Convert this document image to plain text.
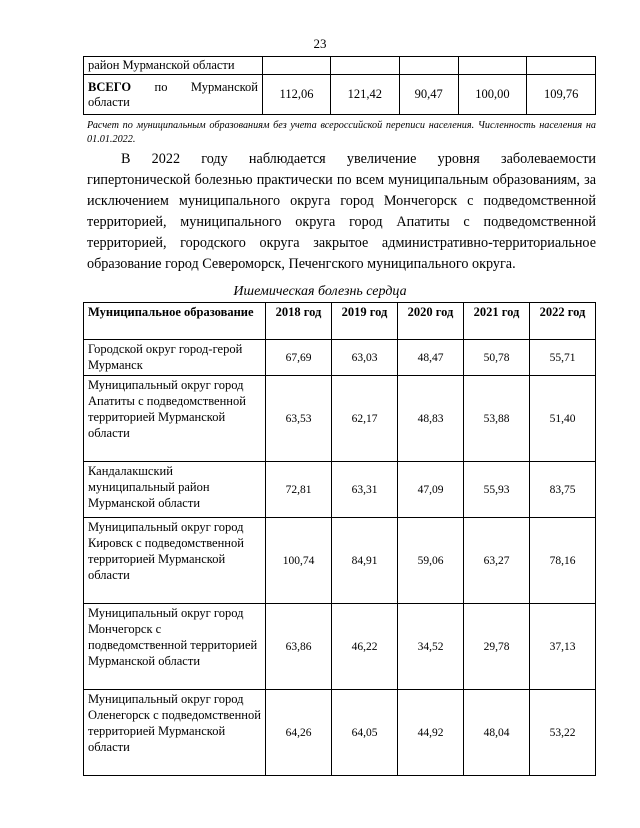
23
район Мурманской области					
ВСЕГО по Мурманской области	112,06	121,42	90,47	100,00	109,76
Расчет по муниципальным образованиям без учета всероссийской переписи населения. Численность населения на 01.01.2022.

В 2022 году наблюдается увеличение уровня заболеваемости гипертонической болезнью практически по всем муниципальным образованиям, за исключением муниципального округа город Мончегорск с подведомственной территорией, муниципального округа город Апатиты с подведомственной территорией, городского округа закрытое административно-территориальное образование город Североморск, Печенгского муниципального округа.

Ишемическая болезнь сердца
Муниципальное образование	2018 год	2019 год	2020 год	2021 год	2022 год
Городской округ город-герой Мурманск	67,69	63,03	48,47	50,78	55,71
Муниципальный округ город Апатиты с подведомственной территорией Мурманской области	63,53	62,17	48,83	53,88	51,40
Кандалакшский муниципальный район Мурманской области	72,81	63,31	47,09	55,93	83,75
Муниципальный округ город Кировск с подведомственной территорией Мурманской области	100,74	84,91	59,06	63,27	78,16
Муниципальный округ город Мончегорск с подведомственной территорией Мурманской области	63,86	46,22	34,52	29,78	37,13
Муниципальный округ город Оленегорск с подведомственной территорией Мурманской области	64,26	64,05	44,92	48,04	53,22
